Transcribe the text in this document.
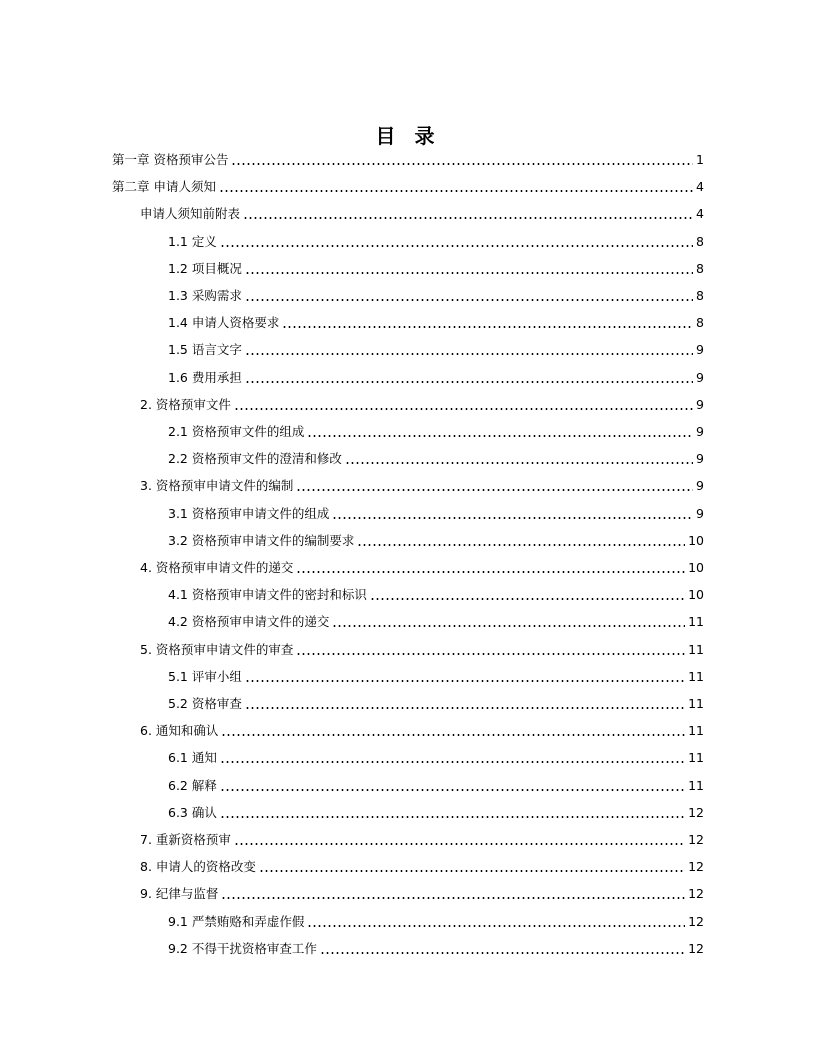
目 录
第一章 资格预审公告	1
第二章 申请人须知	4
申请人须知前附表	4
1.1 定义	8
1.2 项目概况	8
1.3 采购需求	8
1.4 申请人资格要求	8
1.5 语言文字	9
1.6 费用承担	9
2. 资格预审文件	9
2.1 资格预审文件的组成	9
2.2 资格预审文件的澄清和修改	9
3. 资格预审申请文件的编制	9
3.1 资格预审申请文件的组成	9
3.2 资格预审申请文件的编制要求	10
4. 资格预审申请文件的递交	10
4.1 资格预审申请文件的密封和标识	10
4.2 资格预审申请文件的递交	11
5. 资格预审申请文件的审查	11
5.1 评审小组	11
5.2 资格审查	11
6. 通知和确认	11
6.1 通知	11
6.2 解释	11
6.3 确认	12
7. 重新资格预审	12
8. 申请人的资格改变	12
9. 纪律与监督	12
9.1 严禁贿赂和弄虚作假	12
9.2 不得干扰资格审查工作	12
